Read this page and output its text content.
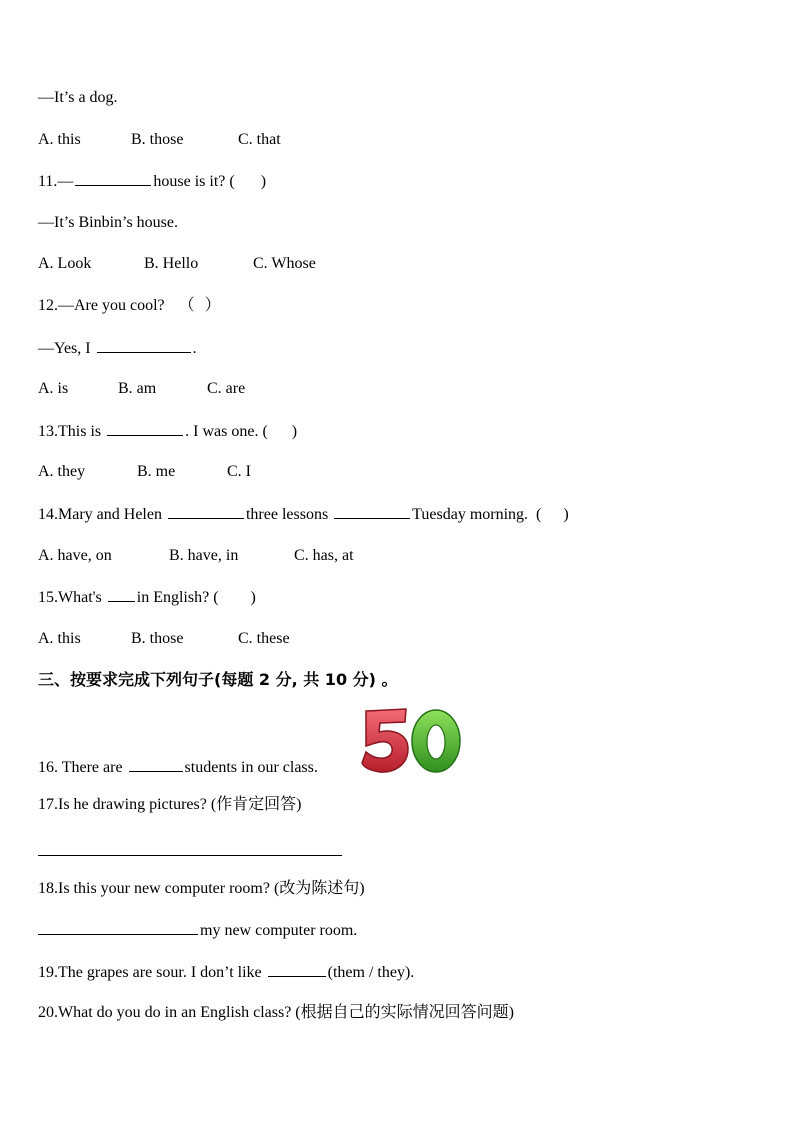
—It’s a dog.
A. this	B. those	C. that
11.—	house is it? ( )
—It’s Binbin’s house.
A. Look	B. Hello	C. Whose
12.—Are you cool? （ ）
—Yes, I	.
A. is	B. am	C. are
13.This is	. I was one. ( )
A. they	B. me	C. I
14.Mary and Helen	three lessons	Tuesday morning. ( )
A. have, on	B. have, in	C. has, at
15.What's in English? ( )
A. this	B. those	C. these
三、按要求完成下列句子(每题 2 分, 共 10 分) 。
16. There are	students in our class.
50
17.Is he drawing pictures? (作肯定回答)
18.Is this your new computer room? (改为陈述句)
my new computer room.
19.The grapes are sour. I don’t like	(them / they).
20.What do you do in an English class? (根据自己的实际情况回答问题)
